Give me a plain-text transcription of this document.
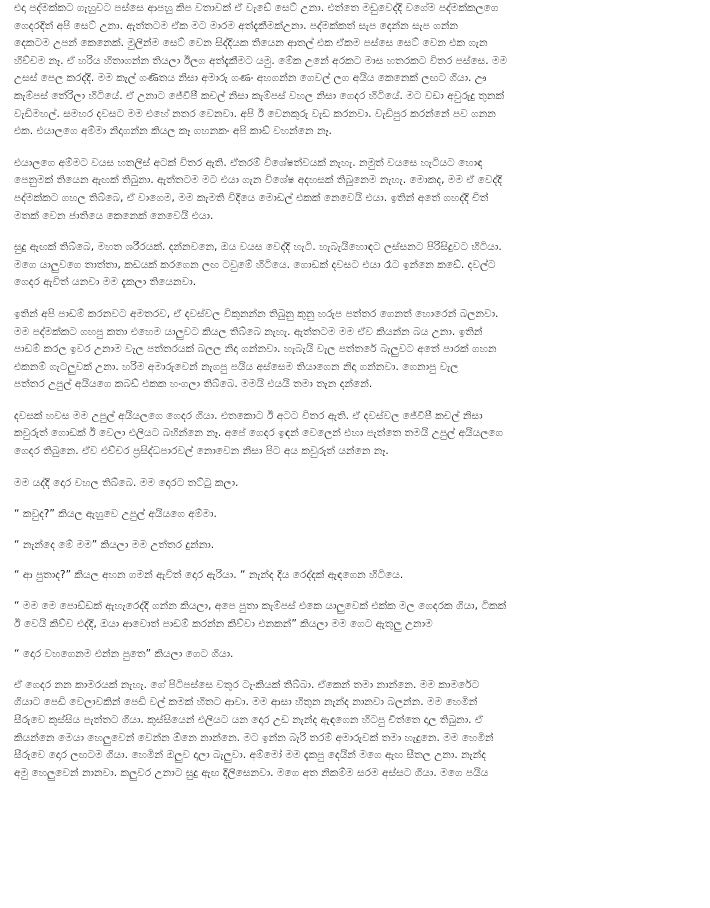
එදා පද්මක්කට ගැහුවට පස්සෙ ආපහු කිප වතාවක් ඒ වැඩේ සෙට් උනා. එත්තෙ මඩුවෙද්දි වගේම පද්මක්කලගෙ
ගෙදරදිත් අපි සෙට් උනා. ඇත්තටම ඒක මට මාරම අත්දැකීමක්උනා. පද්මක්කත් සැප දෙන්න සැප ගන්න
දෙකටම උපන් කෙනෙක්. මුලින්ම සෙට් වෙන සිද්දියක තියෙන ආතල් එක ඒකම පස්සෙ සෙට් වෙන එක ගැන
හිච්චම නෑ. ඒ හරිය හිතාගන්න තියලා ඊලග අත්දැකීමට යමු. මේක උනේ අරකට මාස හතරකට විතර පස්සෙ. මම
උසස් පෙල කරද්දි. මම කැල් ගණිතය නිසා අමාරු ගණං අහගන්න ගෙවල් ලග අයිය කෙනෙක් ලඟට ගියා. ඌ
කැම්පස් තේරිලා හිටියේ. ඒ උනාට ජේවීපී කචල් නිසා කැම්පස් වහල නිසා ගෙදර හිටියේ. මට වඩා අවුරුදු තුනක්
වැඩිමහල්. සමහර දවසට මම එහේ නතර වෙනවා. අපි ඊ වෙනකුරු වැඩ කරනවා. වැඩිපුර කරන්නේ පව ගනන
එක. එයාලගෙ අම්මා නිදාගන්න කියල කෑ ගහනකං අපි කාඩ් වහන්නෙ නෑ.

එයාලගෙ අම්මට වයස හතලිස් අටක් විතර ඇති. ඒතරම් විශේෂත්වයක් නැහැ. නමුත් වයසෙ හැටියට හොඳ
පෙනුමක් තියෙන ඇඟක් තිබුනා. ඇත්තටම මට එයා ගැන විශේෂ අදහසක් තිබුනෙම නැහැ. මොකද, මම ඒ වෙද්දි
පද්මක්කට ගහල තිබ්බෙ, ඒ වාගෙම, මම කැමති විදියෙ මොඩල් එකක් නෙවෙයි එයා. ඉතින් අතේ ගහද්දි චිත්
මතක් වෙන ජාතියෙ කෙනෙක් නෙවෙයි එයා.

සුදු ඇඟක් තිබ්බෙ, මහත ශරීරයක්. දන්නවනෙ, ඔය වයස වෙද්දි හැටි. හැබැයිහොඳට ලස්සනට පිරිසිදුවට හිටියා.
මගෙ යාලුවගෙ තාත්තා, කඩයක් කරගෙන ලඟ ටවුමේ හිටියෙ. ගොඩක් දවසට එයා රෑට ඉන්නෙ කඩේ. දවල්ට
ගෙදර ඇවිත් යනවා මම දැකලා තියෙනවා.

ඉතින් අපි පාඩම් කරනවට අමතරව, ඒ දවස්වල විකුනන්න තිබුනු කුනු හරුප පත්තර ගෙනත් හොරෙන් බලනවා.
මම පද්මක්කට ගහපු කතා එහෙම යාලුවට කියල තිබ්බෙ නැහැ. ඇත්තටම මම ඒව කියන්න බය උනා. ඉතින්
පාඩම් කරල ඉවර උනාම වැල පත්තරයක් බලල නිදා ගන්නවා. හැබැයි වැල පත්තරේ බැලුවට අතේ පාරක් ගහන
එකනම් ගැටලුවක් උනා. හරිම අමාරුවෙන් නැගපු පයිය අස්සෙම තියාගෙන නිදා ගන්නවා. ගෙනාපු වැල
පත්තර උපුල් අයියගෙ කබඩ් එකක හංගලා තිබ්බෙ. මමයි එයයි තමා තැන දන්නේ.

දවසක් හවස මම උපුල් අයියලගෙ ගෙදර ගියා. එතකොට ඊ අටට විතර ඇති. ඒ දවස්වල ජේවීපී කචල් නිසා
කවුරුත් ගොඩක් ඊ වෙලා එලියට බහින්නෙ නෑ. අපේ ගෙදර ඉඳන් වෙලෙන් එහා පැත්තෙ තමයි උපුල් අයියලගෙ
ගෙදර තිබුනෙ. ඒව එච්චර ප්‍රසිද්ධපාරවල් නොවෙන නිසා පිට අය කවුරුත් යන්නෙ නෑ.

මම යද්දි දොර වහල තිබ්බෙ. මම දොරට තට්ටු කලා.

“ කවුද?” කියල ඇහුවෙ උපුල් අයියගෙ අම්මා.

“ නැන්දෙ මේ මම” කියලා මම උත්තර දුන්නා.

“ ආ පුතාද?” කියල අහන ගමන් ඇවිත් දොර ඇරියා. “ නැන්ද දිය රෙද්දක් ඇඳගෙන හිටියෙ.

“ මම මෙ පොඩ්ඩක් ඇහැරෙද්දි ගන්න කියලා, අපෙ පුතා කැම්පස් එකෙ යාලුවෙක් එක්ක මල ගෙදරක ගියා, ටිකක්
ඊ වෙයි කිව්ව එද්දි, ඔයා ආවොත් පාඩම් කරන්න කිව්වා එනකන්” කියලා මම ගෙට ඇතුලු උනාම

“ දොර වහගෙනම එන්න පුතෙ” කියලා ගෙට ගියා.

ඒ ගෙදර නන කාමරයක් නැහැ. ගේ පිටිපස්සෙ වතුර ටැංකියක් තිබ්බා. ඒකෙන් තමා නාන්නෙ. මම කාමරේට
ගියාට පෙඩි වෙලාවකින් පෙඩි වල් කමක් හිතට ආවා. මම ආසා හිතුන නැන්ද නානවා බලන්න. මම හෙමින්
සීරුවෙ කුස්සිය පැත්තට ගියා. කුස්සියෙන් එලියට යන දොර උඩ නැන්ද ඇඳගෙන හිටපු චීත්තෙ දාල තිබුනා. ඒ
කියන්නෙ මෙයා හෙලුවෙන් වෙන්න ඕනෙ නාන්නෙ. මට ඉන්න බැරි තරම් අමාරුවක් තමා හැදුනෙ. මම හෙමින්
සීරුවෙ දොර ලඟටම ගියා. හෙමින් ඔලුව දාලා බැලුවා. අම්මෝ මම දැකපු දෙයින් මගෙ ඇඟ සීතල උනා. නැන්ද
අමු හෙලුවෙන් නානවා. කලුවර උනාට සුදු ඇඟ දිලිසෙනවා. මගෙ අත නිකම්ම සරම අස්සට ගියා. මගෙ පයිය
